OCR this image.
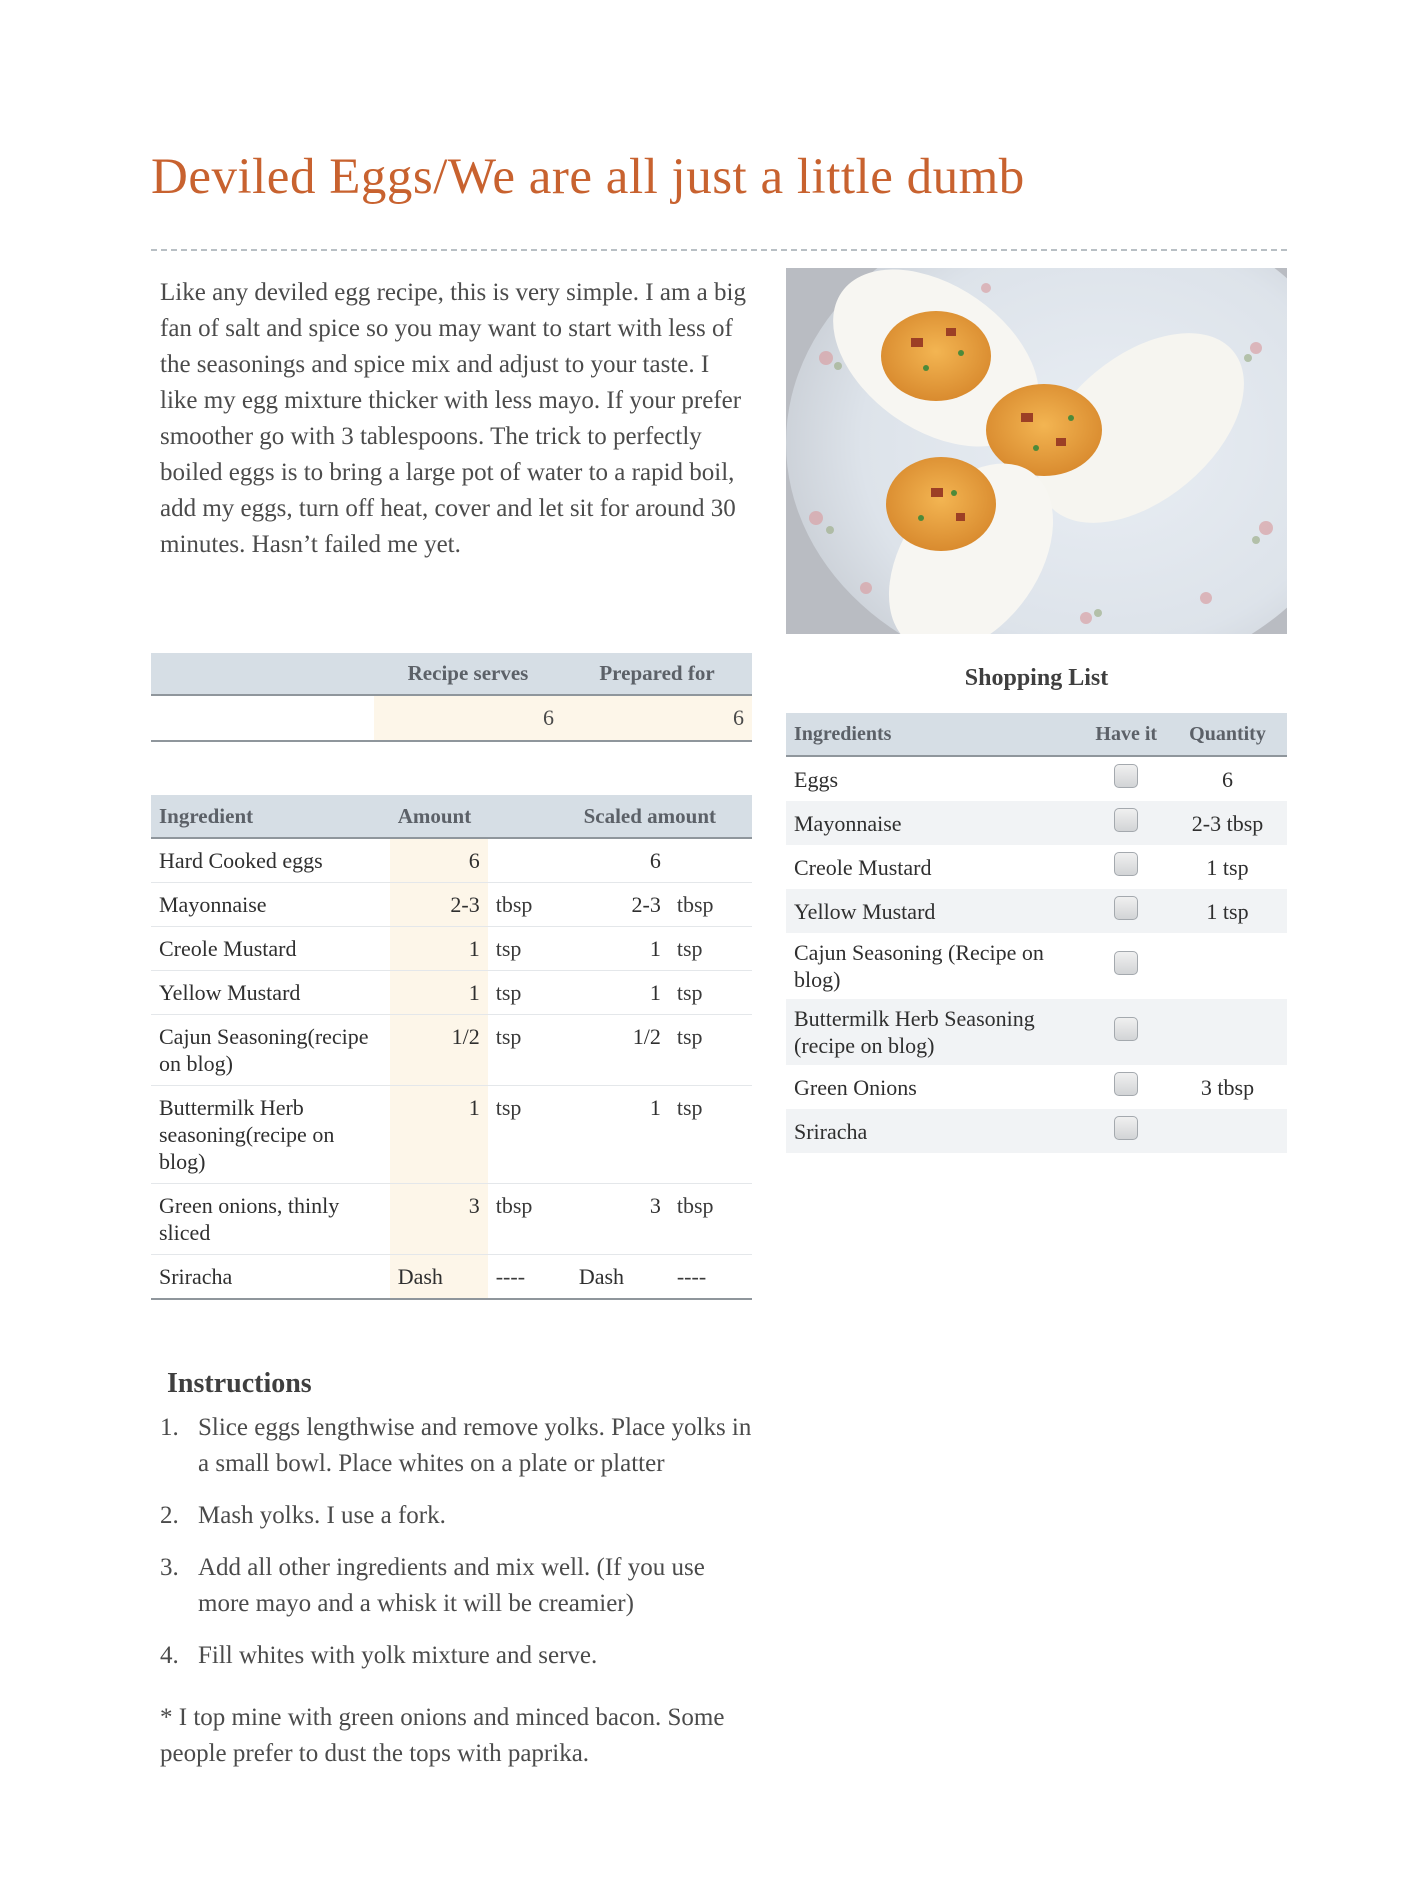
Deviled Eggs/We are all just a little dumb

Like any deviled egg recipe, this is very simple. I am a big fan of salt and spice so you may want to start with less of the seasonings and spice mix and adjust to your taste. I like my egg mixture thicker with less mayo. If your prefer smoother go with 3 tablespoons. The trick to perfectly boiled eggs is to bring a large pot of water to a rapid boil, add my eggs, turn off heat, cover and let sit for around 30 minutes. Hasn’t failed me yet.

	Recipe serves	Prepared for
	6	6
Ingredient	Amount		Scaled amount	
Hard Cooked eggs	6		6	
Mayonnaise	2-3	tbsp	2-3	tbsp
Creole Mustard	1	tsp	1	tsp
Yellow Mustard	1	tsp	1	tsp
Cajun Seasoning(recipe on blog)	1/2	tsp	1/2	tsp
Buttermilk Herb seasoning(recipe on blog)	1	tsp	1	tsp
Green onions, thinly sliced	3	tbsp	3	tbsp
Sriracha	Dash	----	Dash	----
Instructions
1. Slice eggs lengthwise and remove yolks. Place yolks in a small bowl. Place whites on a plate or platter
2. Mash yolks. I use a fork.
3. Add all other ingredients and mix well. (If you use more mayo and a whisk it will be creamier)
4. Fill whites with yolk mixture and serve.

* I top mine with green onions and minced bacon. Some people prefer to dust the tops with paprika.

Shopping List
Ingredients	Have it	Quantity
Eggs		6
Mayonnaise		2-3 tbsp
Creole Mustard		1 tsp
Yellow Mustard		1 tsp
Cajun Seasoning (Recipe on blog)		
Buttermilk Herb Seasoning (recipe on blog)		
Green Onions		3 tbsp
Sriracha		
